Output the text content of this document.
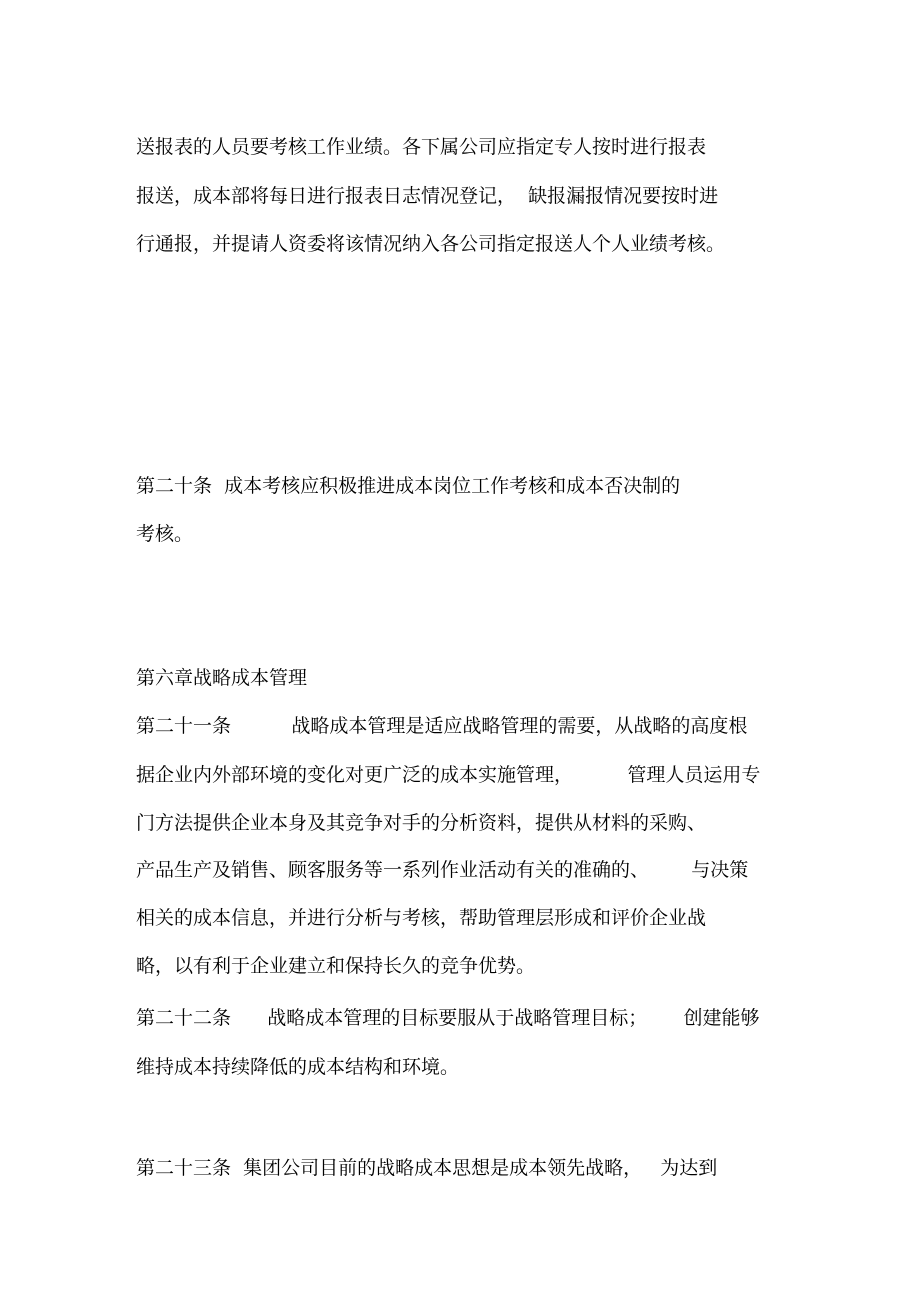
送报表的人员要考核工作业绩。各下属公司应指定专人按时进行报表
报送，成本部将每日进行报表日志情况登记，  缺报漏报情况要按时进
行通报，并提请人资委将该情况纳入各公司指定报送人个人业绩考核。
第二十条  成本考核应积极推进成本岗位工作考核和成本否决制的
考核。
第六章战略成本管理
第二十一条          战略成本管理是适应战略管理的需要，从战略的高度根
据企业内外部环境的变化对更广泛的成本实施管理，         管理人员运用专
门方法提供企业本身及其竞争对手的分析资料，提供从材料的采购、
产品生产及销售、顾客服务等一系列作业活动有关的准确的、       与决策
相关的成本信息，并进行分析与考核，帮助管理层形成和评价企业战
略，以有利于企业建立和保持长久的竞争优势。
第二十二条      战略成本管理的目标要服从于战略管理目标；      创建能够
维持成本持续降低的成本结构和环境。
第二十三条  集团公司目前的战略成本思想是成本领先战略，   为达到
